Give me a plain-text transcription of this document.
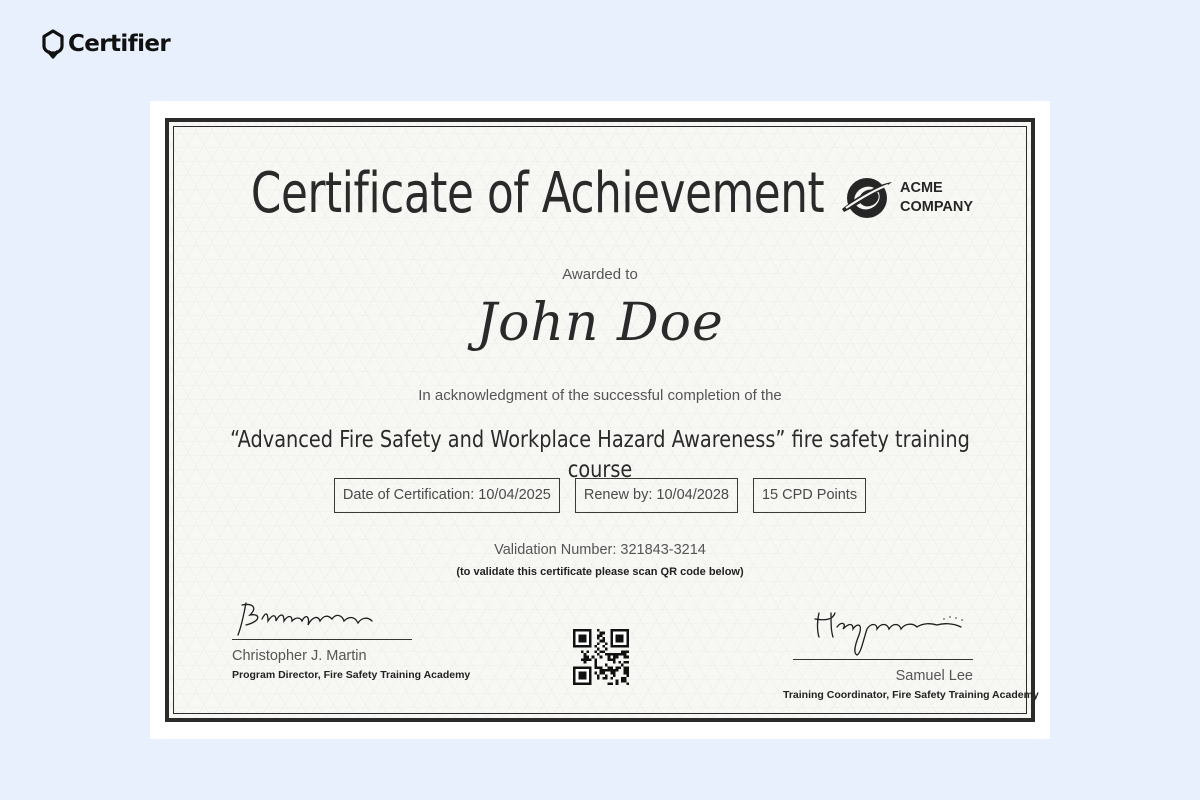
Certifier
Certificate of Achievement	ACME
COMPANY
Awarded to
John Doe
In acknowledgment of the successful completion of the
“Advanced Fire Safety and Workplace Hazard Awareness” fire safety training course
Date of Certification: 10/04/2025	Renew by: 10/04/2028	15 CPD Points
Validation Number: 321843-3214
(to validate this certificate please scan QR code below)
Christopher J. Martin
Program Director, Fire Safety Training Academy	Samuel Lee
Training Coordinator, Fire Safety Training Academy
